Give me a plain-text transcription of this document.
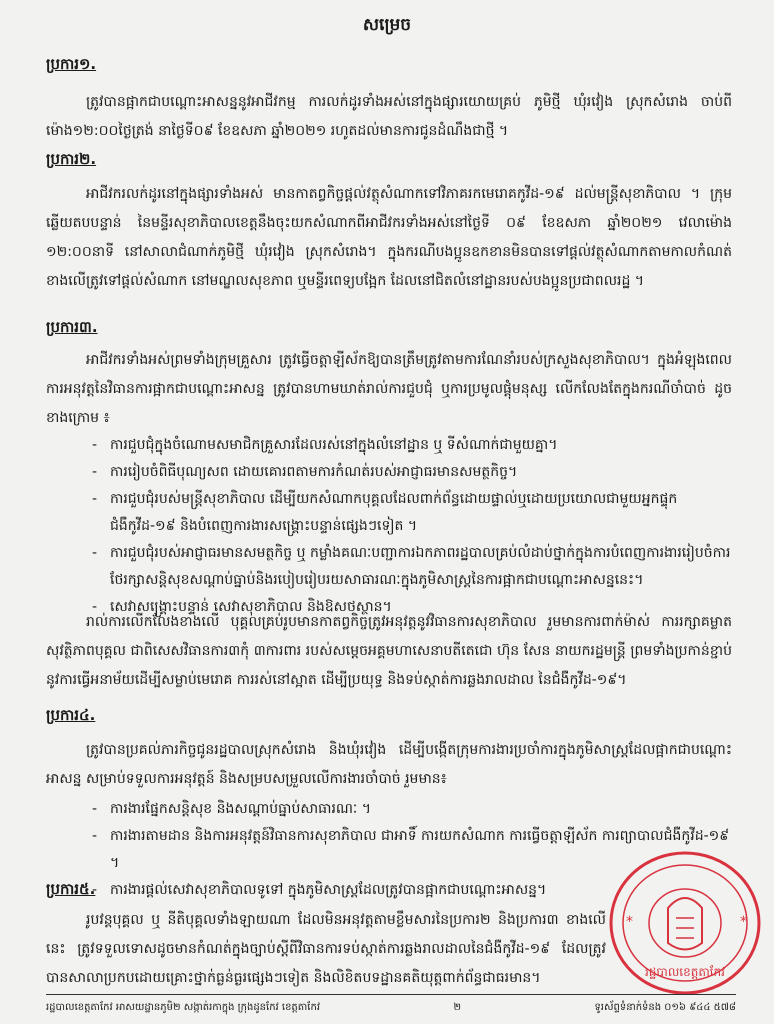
សម្រេច
ប្រការ១.

ត្រូវបានផ្អាកជាបណ្តោះអាសន្ននូវអាជីវកម្ម ការលក់ដូរទាំងអស់នៅក្នុងផ្សារយោយគ្រប់ ភូមិថ្មី ឃុំរវៀង ស្រុកសំរោង ចាប់ពីម៉ោង១២:០០ថ្ងៃត្រង់ នាថ្ងៃទី០៩ ខែឧសភា ឆ្នាំ២០២១ រហូតដល់មានការជូនដំណឹងជាថ្មី ។

ប្រការ២.

អាជីវករលក់ដូរនៅក្នុងផ្សារទាំងអស់ មានកាតព្វកិច្ចផ្តល់វត្ថុសំណាកទៅវិភាគរកមេរោគកូវីដ-១៩ ដល់មន្ត្រីសុខាភិបាល ។ ក្រុមឆ្លើយតបបន្ទាន់ នៃមន្ទីរសុខាភិបាលខេត្តនឹងចុះយកសំណាកពីអាជីវករទាំងអស់នៅថ្ងៃទី ០៩ ខែឧសភា ឆ្នាំ២០២១ វេលាម៉ោង ១២:០០នាទី នៅសាលាជំណាក់ភូមិថ្មី ឃុំរវៀង ស្រុកសំរោង។ ក្នុងករណីបងប្អូនឧកខានមិនបានទៅផ្តល់វត្ថុសំណាកតាមកាលកំណត់ខាងលើត្រូវទៅផ្តល់សំណាក នៅមណ្ឌលសុខភាព ឬមន្ទីរពេទ្យបង្អែក ដែលនៅជិតលំនៅដ្ឋានរបស់បងប្អូនប្រជាពលរដ្ឋ ។

ប្រការ៣.

អាជីវករទាំងអស់ព្រមទាំងក្រុមគ្រួសារ ត្រូវធ្វើចត្តាឡីស័កឱ្យបានត្រឹមត្រូវតាមការណែនាំរបស់ក្រសួងសុខាភិបាល។ ក្នុងអំឡុងពេលការអនុវត្តនៃវិធានការផ្អាកជាបណ្តោះអាសន្ន ត្រូវបានហាមឃាត់រាល់ការជួបជុំ ឬការប្រមូលផ្តុំមនុស្ស លើកលែងតែក្នុងករណីចាំបាច់ ដូចខាងក្រោម ៖

- ការជួបជុំក្នុងចំណោមសមាជិកគ្រួសារដែលរស់នៅក្នុងលំនៅដ្ឋាន ឬ ទីសំណាក់ជាមួយគ្នា។
- ការរៀបចំពិធីបុណ្យសព ដោយគោរពតាមការកំណត់របស់អាជ្ញាធរមានសមត្ថកិច្ច។
- ការជួបជុំរបស់មន្ត្រីសុខាភិបាល ដើម្បីយកសំណាកបុគ្គលដែលពាក់ព័ន្ធដោយផ្ទាល់ឬដោយប្រយោលជាមួយអ្នកផ្ទុកជំងឺកូវីដ-១៩ និងបំពេញការងារសង្គ្រោះបន្ទាន់ផ្សេងៗទៀត ។
- ការជួបជុំរបស់អាជ្ញាធរមានសមត្ថកិច្ច ឬ កម្លាំងគណៈបញ្ជាការឯកភាពរដ្ឋបាលគ្រប់លំដាប់ថ្នាក់ក្នុងការបំពេញការងាររៀបចំការថែរក្សាសន្តិសុខសណ្តាប់ធ្នាប់និងរបៀបរៀបរយសាធារណៈក្នុងភូមិសាស្ត្រនៃការផ្អាកជាបណ្តោះអាសន្ននេះ។
- សេវាសង្គ្រោះបន្ទាន់ សេវាសុខាភិបាល និងឱសថស្ថាន។

រាល់ការលើកលែងខាងលើ បុគ្គលគ្រប់រូបមានកាតព្វកិច្ចត្រូវអនុវត្តនូវវិធានការសុខាភិបាល រួមមានការពាក់ម៉ាស់ ការរក្សាគម្លាតសុវត្ថិភាពបុគ្គល ជាពិសេសវិធានការ៣កុំ ៣ការពារ របស់សម្តេចអគ្គមហាសេនាបតីតេជោ ហ៊ុន សែន នាយករដ្ឋមន្ត្រី ព្រមទាំងប្រកាន់ខ្ជាប់នូវការធ្វើអនាម័យដើម្បីសម្លាប់មេរោគ ការរស់នៅស្អាត ដើម្បីប្រយុទ្ធ និងទប់ស្កាត់ការឆ្លងរាលដាល នៃជំងឺកូវីដ-១៩។

ប្រការ៤.

ត្រូវបានប្រគល់ភារកិច្ចជូនរដ្ឋបាលស្រុកសំរោង និងឃុំរវៀង ដើម្បីបង្កើតក្រុមការងារប្រចាំការក្នុងភូមិសាស្ត្រដែលផ្អាកជាបណ្តោះអាសន្ន សម្រាប់ទទួលការអនុវត្តន៍ និងសម្របសម្រួលលើការងារចាំបាច់ រួមមាន៖

- ការងារផ្នែកសន្តិសុខ និងសណ្តាប់ធ្នាប់សាធារណៈ ។
- ការងារតាមដាន និងការអនុវត្តន៍វិធានការសុខាភិបាល ជាអាទិ៍ ការយកសំណាក ការធ្វើចត្តាឡីស័ក ការព្យាបាលជំងឺកូវីដ-១៩ ។
- ការងារផ្តល់សេវាសុខាភិបាលទូទៅ ក្នុងភូមិសាស្ត្រដែលត្រូវបានផ្អាកជាបណ្តោះអាសន្ន។
ប្រការ៥.

រូបវន្តបុគ្គល ឬ នីតិបុគ្គលទាំងឡាយណា ដែលមិនអនុវត្តតាមខ្លឹមសារនៃប្រការ២ និងប្រការ៣ ខាងលើនេះ ត្រូវទទួលទោសដូចមានកំណត់ក្នុងច្បាប់ស្តីពីវិធានការទប់ស្កាត់ការឆ្លងរាលដាលនៃជំងឺកូវីដ-១៩ ដែលត្រូវបានសាលាប្រកបដោយគ្រោះថ្នាក់ធ្ងន់ធ្ងរផ្សេងៗទៀត និងលិខិតបទដ្ឋានគតិយុត្តពាក់ព័ន្ធជាធរមាន។	រដ្ឋបាលខេត្តតាកែវ
*	*
រដ្ឋបាលខេត្តតាកែវ អាសយដ្ឋានភូមិ២ សង្កាត់រកាក្នុង ក្រុងដូនកែវ ខេត្តតាកែវ	២	ទូរស័ព្ទទំនាក់ទំនង ០១៦ ៩៤៤ ៥៧៨
